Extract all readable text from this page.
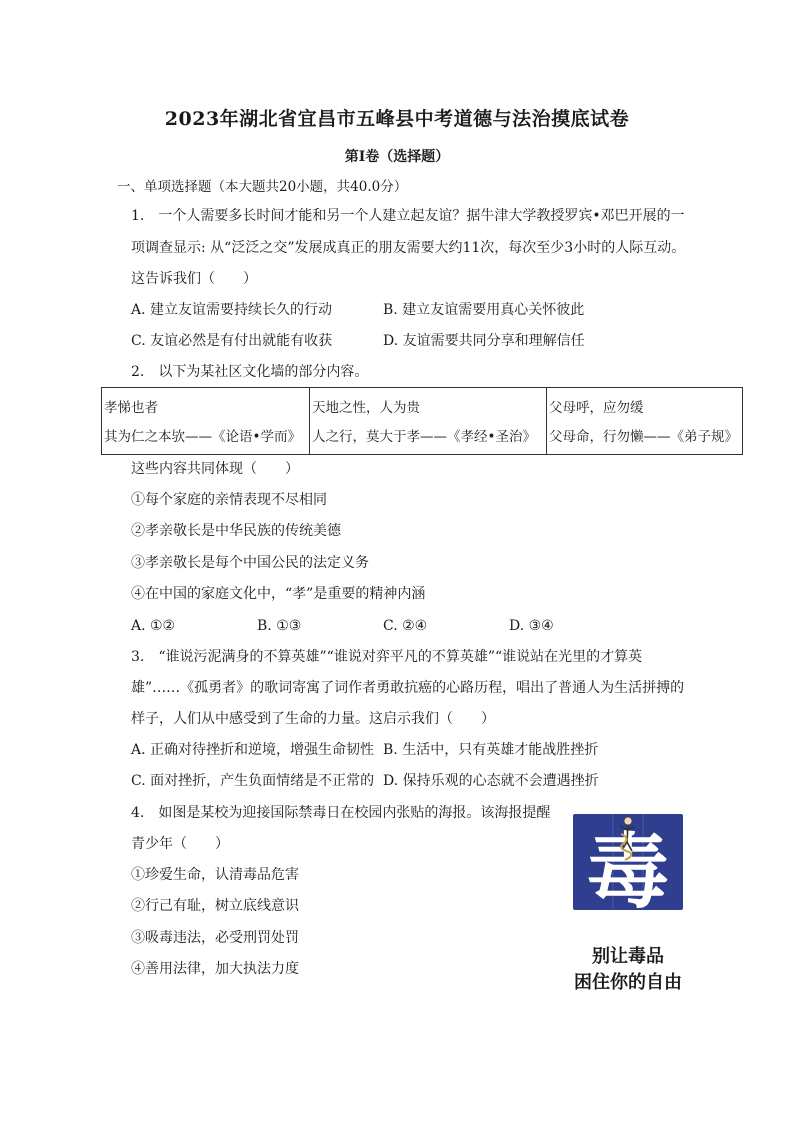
2023年湖北省宜昌市五峰县中考道德与法治摸底试卷
第Ⅰ卷（选择题）
一、单项选择题（本大题共20小题，共40.0分）
1.　一个人需要多长时间才能和另一个人建立起友谊？据牛津大学教授罗宾•邓巴开展的一
项调查显示: 从“泛泛之交”发展成真正的朋友需要大约11次，每次至少3小时的人际互动。
这告诉我们（　　）
A. 建立友谊需要持续长久的行动	B. 建立友谊需要用真心关怀彼此
C. 友谊必然是有付出就能有收获	D. 友谊需要共同分享和理解信任
2.　以下为某社区文化墙的部分内容。
孝悌也者
其为仁之本欤——《论语•学而》

天地之性，人为贵
人之行，莫大于孝——《孝经•圣治》

父母呼，应勿缓
父母命，行勿懒——《弟子规》
这些内容共同体现（　　）
①每个家庭的亲情表现不尽相同
②孝亲敬长是中华民族的传统美德
③孝亲敬长是每个中国公民的法定义务
④在中国的家庭文化中，“孝”是重要的精神内涵
A. ①②	B. ①③	C. ②④	D. ③④
3.　“谁说污泥满身的不算英雄”“谁说对弈平凡的不算英雄”“谁说站在光里的才算英
雄”……《孤勇者》的歌词寄寓了词作者勇敢抗癌的心路历程，唱出了普通人为生活拼搏的
样子，人们从中感受到了生命的力量。这启示我们（　　）
A. 正确对待挫折和逆境，增强生命韧性 B. 生活中，只有英雄才能战胜挫折
C. 面对挫折，产生负面情绪是不正常的 D. 保持乐观的心态就不会遭遇挫折
4.　如图是某校为迎接国际禁毒日在校园内张贴的海报。该海报提醒
青少年（　　）
①珍爱生命，认清毒品危害
②行己有耻，树立底线意识
③吸毒违法，必受刑罚处罚
④善用法律，加大执法力度
毒
别让毒品
困住你的自由
